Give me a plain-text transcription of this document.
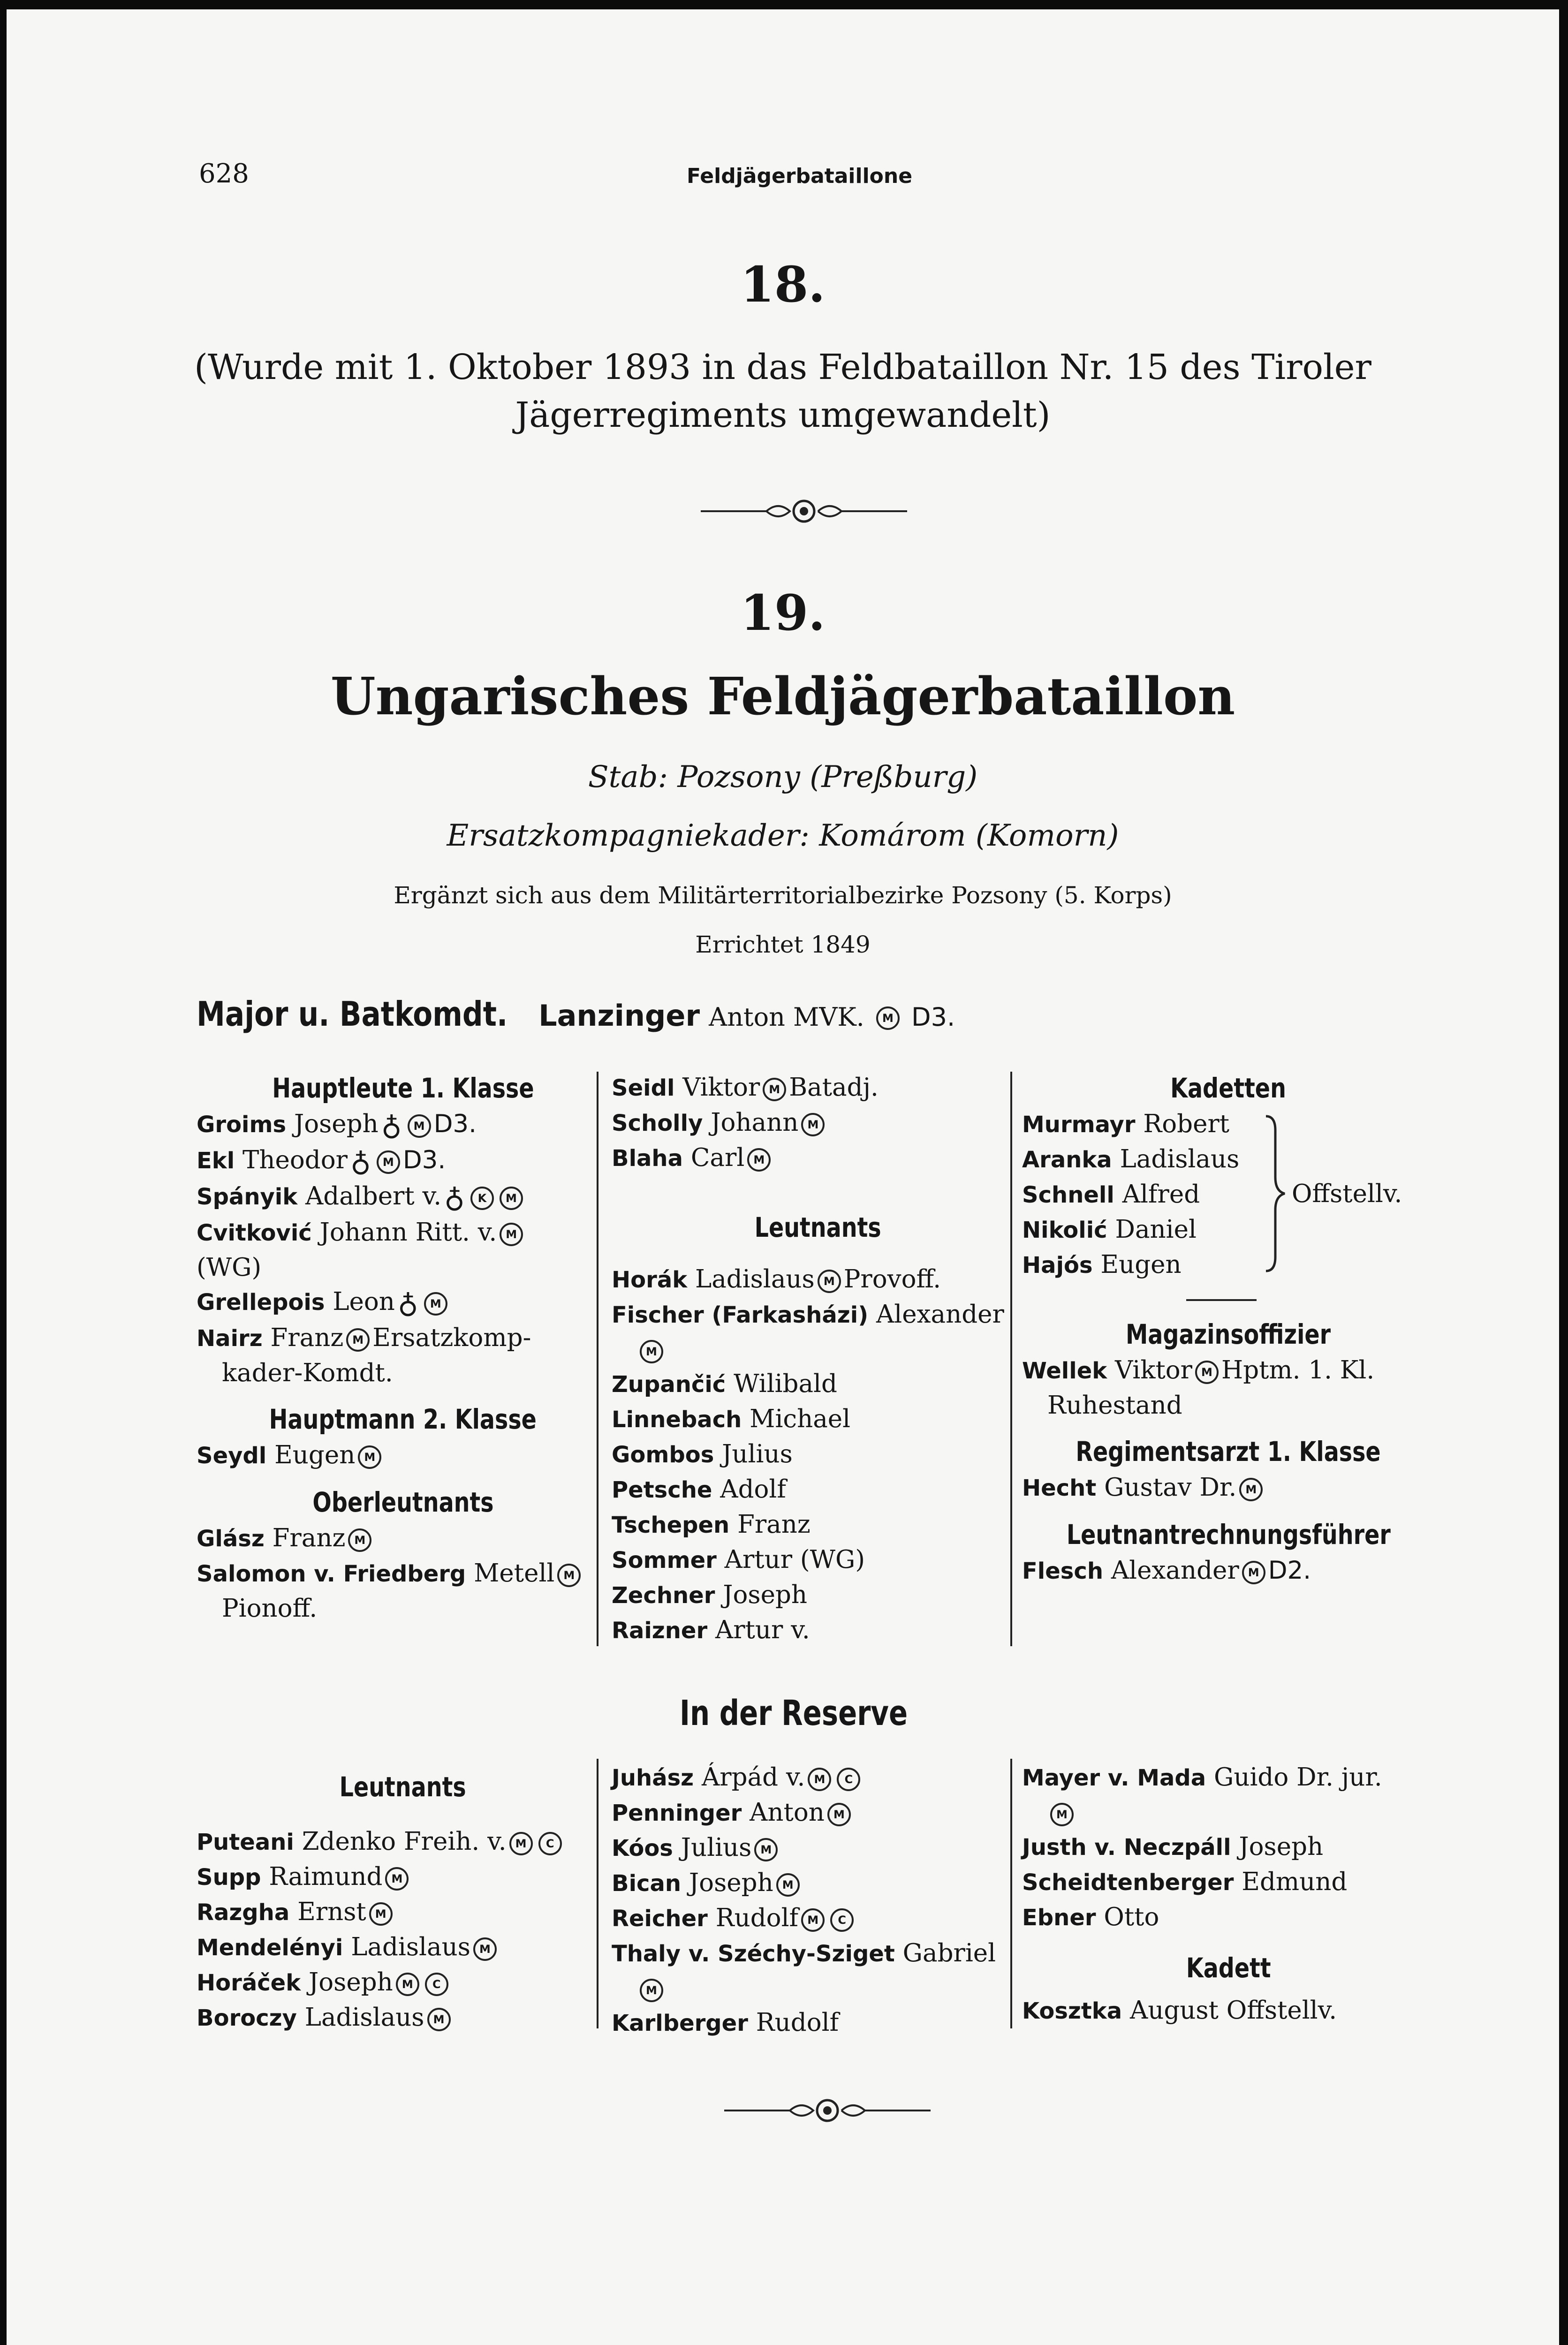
628	Feldjägerbataillone
18.
(Wurde mit 1. Oktober 1893 in das Feldbataillon Nr. 15 des Tiroler
Jägerregiments umgewandelt)
19.
Ungarisches Feldjägerbataillon
Stab: Pozsony (Preßburg)
Ersatzkompagniekader: Komárom (Komorn)
Ergänzt sich aus dem Militärterritorialbezirke Pozsony (5. Korps)
Errichtet 1849
Major u. Batkomdt. Lanzinger Anton MVK. M D3.
Hauptleute 1. Klasse
Groims Joseph ♁ M D3.
Ekl Theodor ♁ M D3.
Spányik Adalbert v. ♁ K M
Cvitković Johann Ritt. v. M
(WG)
Grellepois Leon ♁ M
Nairz Franz M Ersatzkomp-
kader-Komdt.
Hauptmann 2. Klasse
Seydl Eugen M
Oberleutnants
Glász Franz M
Salomon v. Friedberg Metell M
Pionoff.
Seidl Viktor M Batadj.
Scholly Johann M
Blaha Carl M
Leutnants
Horák Ladislaus M Provoff.
Fischer (Farkasházi) Alexander
M
Zupančić Wilibald
Linnebach Michael
Gombos Julius
Petsche Adolf
Tschepen Franz
Sommer Artur (WG)
Zechner Joseph
Raizner Artur v.
Kadetten
Murmayr Robert
Aranka Ladislaus
Schnell Alfred
Nikolić Daniel
Hajós Eugen
Magazinsoffizier
Wellek Viktor M Hptm. 1. Kl.
Ruhestand
Regimentsarzt 1. Klasse
Hecht Gustav Dr. M
Leutnantrechnungsführer
Flesch Alexander M D2.
Offstellv.
In der Reserve
Leutnants
Puteani Zdenko Freih. v. M C
Supp Raimund M
Razgha Ernst M
Mendelényi Ladislaus M
Horáček Joseph M C
Boroczy Ladislaus M
Juhász Árpád v. M C
Penninger Anton M
Kóos Julius M
Bican Joseph M
Reicher Rudolf M C
Thaly v. Széchy-Sziget Gabriel
M
Karlberger Rudolf
Mayer v. Mada Guido Dr. jur.
M
Justh v. Neczpáll Joseph
Scheidtenberger Edmund
Ebner Otto
Kadett
Kosztka August Offstellv.
